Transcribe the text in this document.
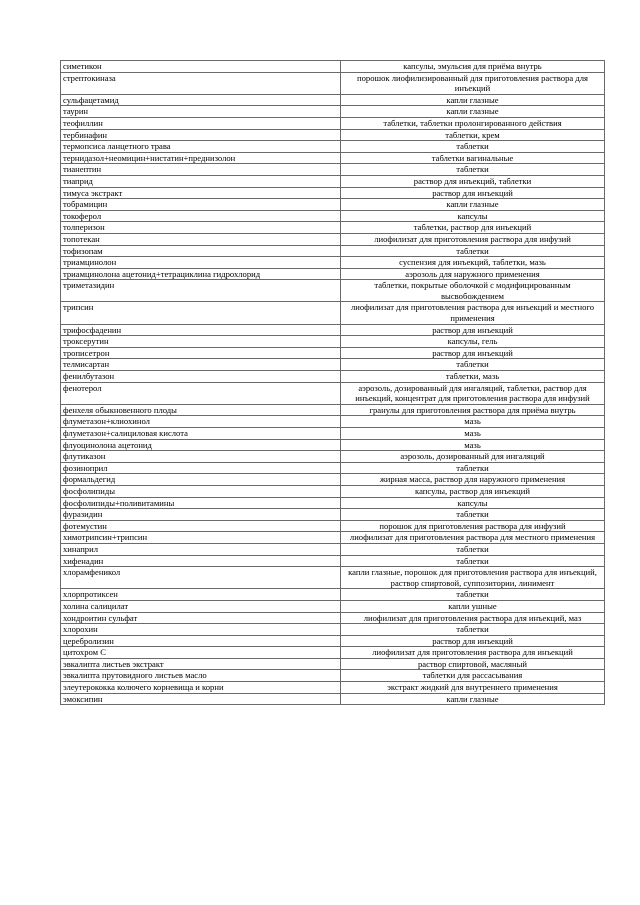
симетикон	капсулы, эмульсия для приёма внутрь
стрептокиназа	порошок лиофилизированный для приготовления раствора для инъекций
сульфацетамид	капли глазные
таурин	капли глазные
теофиллин	таблетки, таблетки пролонгированного действия
тербинафин	таблетки, крем
термопсиса ланцетного трава	таблетки
тернидазол+неомицин+нистатин+преднизолон	таблетки вагинальные
тианептин	таблетки
тиаприд	раствор для инъекций, таблетки
тимуса экстракт	раствор для инъекций
тобрамицин	капли глазные
токоферол	капсулы
толперизон	таблетки, раствор для инъекций
топотекан	лиофилизат для приготовления раствора для инфузий
тофизопам	таблетки
триамцинолон	суспензия для инъекций, таблетки, мазь
триамцинолона ацетонид+тетрациклина гидрохлорид	аэрозоль для наружного применения
триметазидин	таблетки, покрытые оболочкой с модифицированным высвобождением
трипсин	лиофилизат для приготовления раствора для инъекций и местного применения
трифосфаденин	раствор для инъекций
троксерутин	капсулы, гель
трописетрон	раствор для инъекций
телмисартан	таблетки
фенилбутазон	таблетки, мазь
фенотерол	аэрозоль, дозированный для ингаляций, таблетки, раствор для инъекций, концентрат для приготовления раствора для инфузий
фенхеля обыкновенного плоды	гранулы для приготовления раствора для приёма внутрь
флуметазон+клиохинол	мазь
флуметазон+салициловая кислота	мазь
флуоцинолона ацетонид	мазь
флутиказон	аэрозоль, дозированный для ингаляций
фозиноприл	таблетки
формальдегид	жирная масса, раствор для наружного применения
фосфолипиды	капсулы, раствор для инъекций
фосфолипиды+поливитамины	капсулы
фуразидин	таблетки
фотемустин	порошок для приготовления раствора для инфузий
химотрипсин+трипсин	лиофилизат для приготовления раствора для местного применения
хинаприл	таблетки
хифенадин	таблетки
хлорамфеникол	капли глазные, порошок для приготовления раствора для инъекций, раствор спиртовой, суппозитории, линимент
хлорпротиксен	таблетки
холина салицилат	капли ушные
хондроитин сульфат	лиофилизат для приготовления раствора для инъекций, маз
хлорохин	таблетки
церебролизин	раствор для инъекций
цитохром С	лиофилизат для приготовления раствора для инъекций
эвкалипта листьев экстракт	раствор спиртовой, масляный
эвкалипта прутовидного листьев масло	таблетки для рассасывания
элеутерококка колючего корневища и корни	экстракт жидкий для внутреннего применения
эмоксипин	капли глазные
